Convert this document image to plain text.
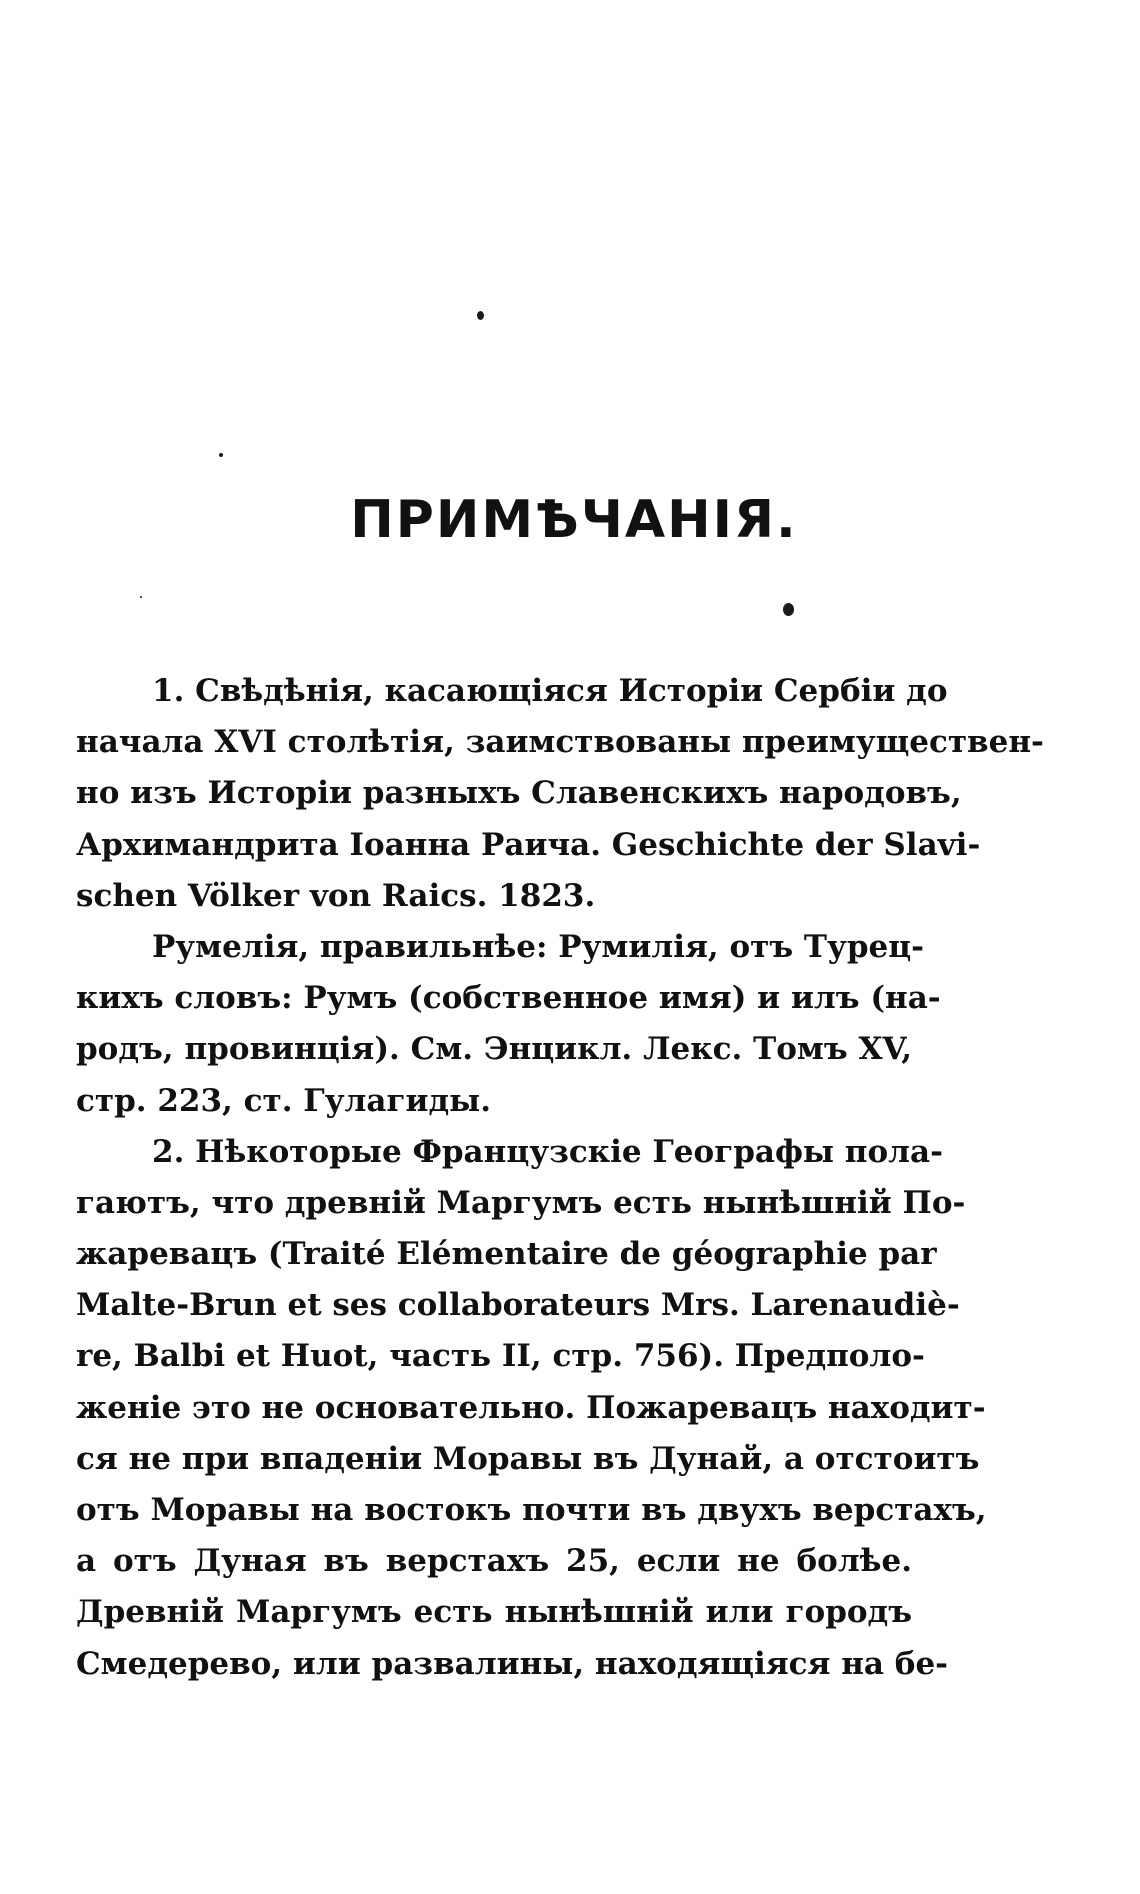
ПРИМѢЧАНІЯ.
1. Свѣдѣнія, касающіяся Исторіи Сербіи до
начала XVI столѣтія, заимствованы преимуществен-
но изъ Исторіи разныхъ Славенскихъ народовъ,
Архимандрита Іоанна Раича. Geschichte der Slavi-
schen Völker von Raics. 1823.
Румелія, правильнѣе: Румилія, отъ Турец-
кихъ словъ: Румъ (собственное имя) и илъ (на-
родъ, провинція). См. Энцикл. Лекс. Томъ XV,
стр. 223, ст. Гулагиды.
2. Нѣкоторые Французскіе Географы пола-
гаютъ, что древній Маргумъ есть нынѣшній По-
жаревацъ (Traité Elémentaire de géographie par
Malte-Brun et ses collaborateurs Mrs. Larenaudiè-
re, Balbi et Huot, часть II, стр. 756). Предполо-
женіе это не основательно. Пожаревацъ находит-
ся не при впаденіи Моравы въ Дунай, а отстоитъ
отъ Моравы на востокъ почти въ двухъ верстахъ,
а отъ Дуная въ верстахъ 25, если не болѣе.
Древній Маргумъ есть нынѣшній или городъ
Смедерево, или развалины, находящіяся на бе-
